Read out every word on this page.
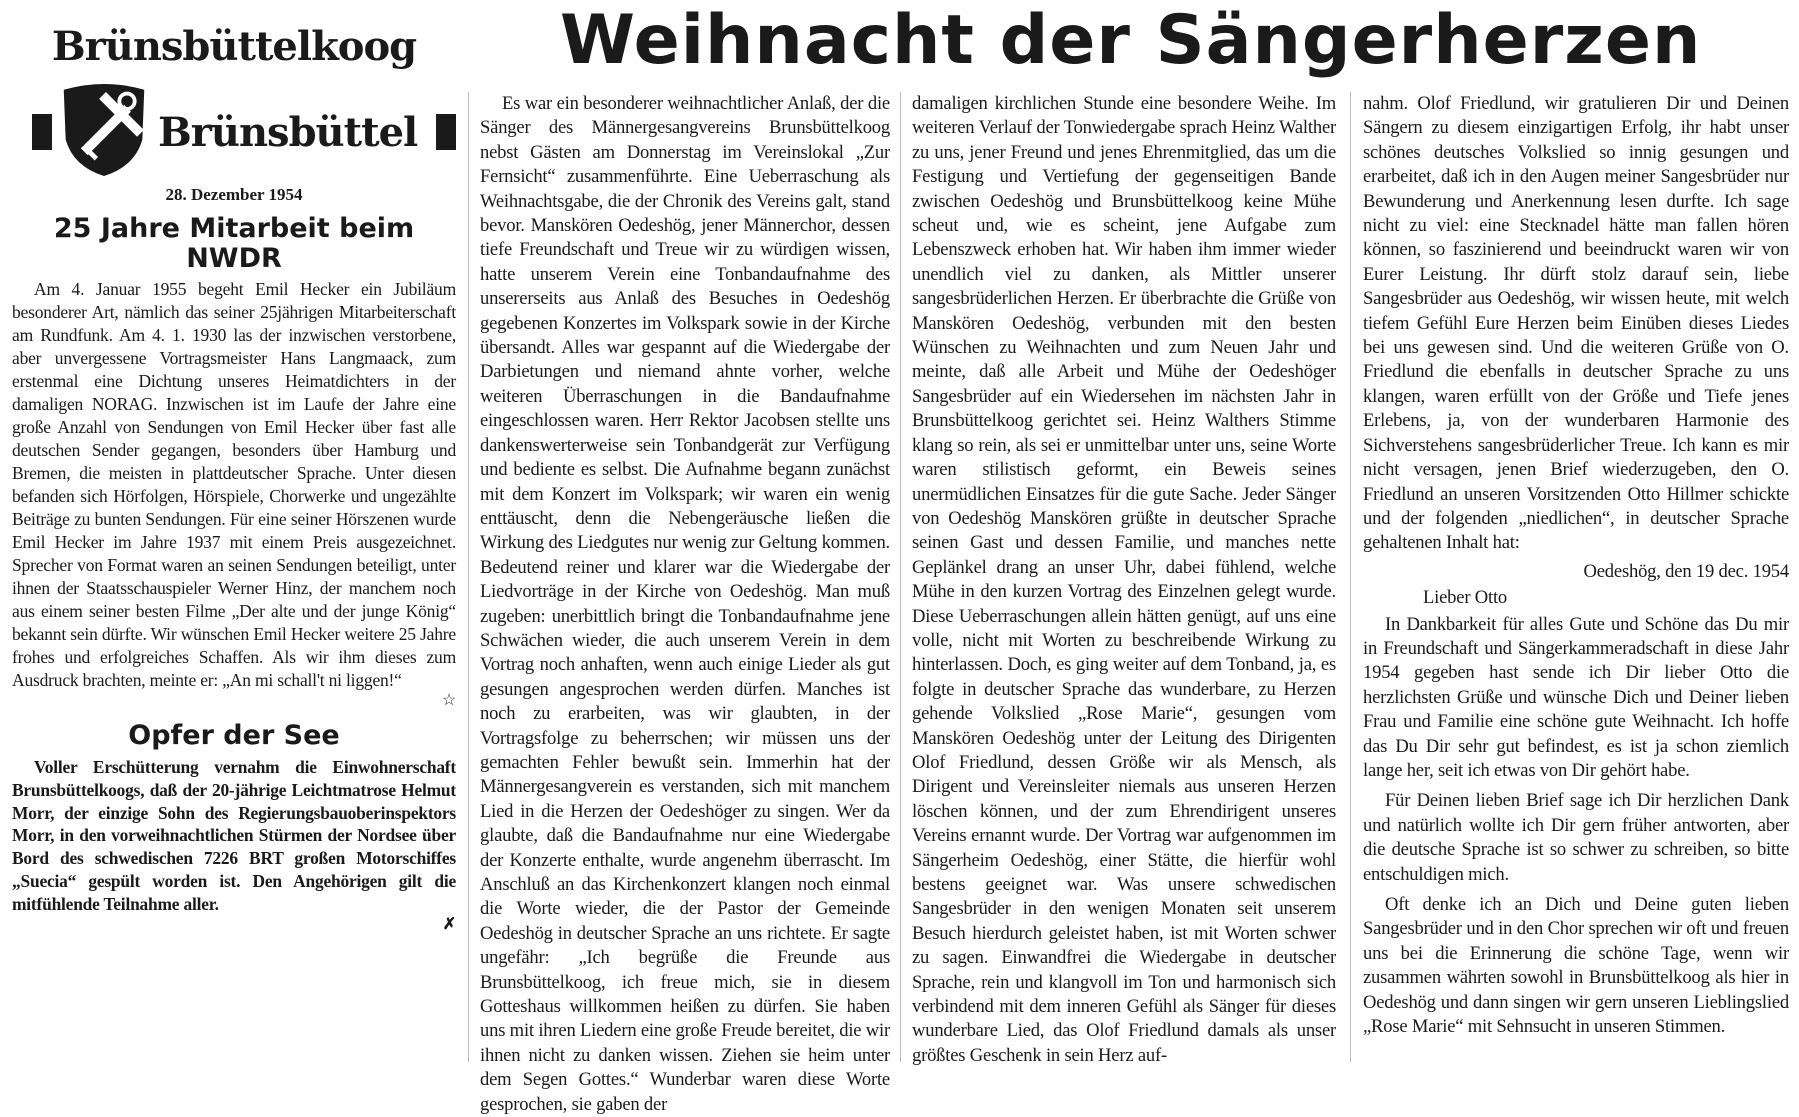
Brünsbüttelkoog
Brünsbüttel
28. Dezember 1954
25 Jahre Mitarbeit beim NWDR

Am 4. Januar 1955 begeht Emil Hecker ein Jubiläum besonderer Art, nämlich das seiner 25jährigen Mitarbeiterschaft am Rundfunk. Am 4. 1. 1930 las der inzwischen verstorbene, aber unvergessene Vortragsmeister Hans Langmaack, zum erstenmal eine Dichtung unseres Heimatdichters in der damaligen NORAG. Inzwischen ist im Laufe der Jahre eine große Anzahl von Sendungen von Emil Hecker über fast alle deutschen Sender gegangen, besonders über Hamburg und Bremen, die meisten in plattdeutscher Sprache. Unter diesen befanden sich Hörfolgen, Hörspiele, Chorwerke und ungezählte Beiträge zu bunten Sendungen. Für eine seiner Hörszenen wurde Emil Hecker im Jahre 1937 mit einem Preis ausgezeichnet. Sprecher von Format waren an seinen Sendungen beteiligt, unter ihnen der Staatsschauspieler Werner Hinz, der manchem noch aus einem seiner besten Filme „Der alte und der junge König“ bekannt sein dürfte. Wir wünschen Emil Hecker weitere 25 Jahre frohes und erfolgreiches Schaffen. Als wir ihm dieses zum Ausdruck brachten, meinte er: „An mi schall't ni liggen!“

☆
Opfer der See

Voller Erschütterung vernahm die Einwohnerschaft Brunsbüttelkoogs, daß der 20-jährige Leichtmatrose Helmut Morr, der einzige Sohn des Regierungsbauoberinspektors Morr, in den vorweihnachtlichen Stürmen der Nordsee über Bord des schwedischen 7226 BRT großen Motorschiffes „Suecia“ gespült worden ist. Den Angehörigen gilt die mitfühlende Teilnahme aller.

✗
Weihnacht der Sängerherzen

Es war ein besonderer weihnachtlicher Anlaß, der die Sänger des Männergesangvereins Brunsbüttelkoog nebst Gästen am Donnerstag im Vereinslokal „Zur Fernsicht“ zusammenführte. Eine Ueberraschung als Weihnachtsgabe, die der Chronik des Vereins galt, stand bevor. Manskören Oedeshög, jener Männerchor, dessen tiefe Freundschaft und Treue wir zu würdigen wissen, hatte unserem Verein eine Tonbandaufnahme des unsererseits aus Anlaß des Besuches in Oedeshög gegebenen Konzertes im Volkspark sowie in der Kirche übersandt. Alles war gespannt auf die Wiedergabe der Darbietungen und niemand ahnte vorher, welche weiteren Überraschungen in die Bandaufnahme eingeschlossen waren. Herr Rektor Jacobsen stellte uns dankenswerterweise sein Tonbandgerät zur Verfügung und bediente es selbst. Die Aufnahme begann zunächst mit dem Konzert im Volkspark; wir waren ein wenig enttäuscht, denn die Nebengeräusche ließen die Wirkung des Liedgutes nur wenig zur Geltung kommen. Bedeutend reiner und klarer war die Wiedergabe der Liedvorträge in der Kirche von Oedeshög. Man muß zugeben: unerbittlich bringt die Tonbandaufnahme jene Schwächen wieder, die auch unserem Verein in dem Vortrag noch anhaften, wenn auch einige Lieder als gut gesungen angesprochen werden dürfen. Manches ist noch zu erarbeiten, was wir glaubten, in der Vortragsfolge zu beherrschen; wir müssen uns der gemachten Fehler bewußt sein. Immerhin hat der Männergesangverein es verstanden, sich mit manchem Lied in die Herzen der Oedeshöger zu singen. Wer da glaubte, daß die Bandaufnahme nur eine Wiedergabe der Konzerte enthalte, wurde angenehm überrascht. Im Anschluß an das Kirchenkonzert klangen noch einmal die Worte wieder, die der Pastor der Gemeinde Oedeshög in deutscher Sprache an uns richtete. Er sagte ungefähr: „Ich begrüße die Freunde aus Brunsbüttelkoog, ich freue mich, sie in diesem Gotteshaus willkommen heißen zu dürfen. Sie haben uns mit ihren Liedern eine große Freude bereitet, die wir ihnen nicht zu danken wissen. Ziehen sie heim unter dem Segen Gottes.“ Wunderbar waren diese Worte gesprochen, sie gaben der

damaligen kirchlichen Stunde eine besondere Weihe. Im weiteren Verlauf der Tonwiedergabe sprach Heinz Walther zu uns, jener Freund und jenes Ehrenmitglied, das um die Festigung und Vertiefung der gegenseitigen Bande zwischen Oedeshög und Brunsbüttelkoog keine Mühe scheut und, wie es scheint, jene Aufgabe zum Lebenszweck erhoben hat. Wir haben ihm immer wieder unendlich viel zu danken, als Mittler unserer sangesbrüderlichen Herzen. Er überbrachte die Grüße von Manskören Oedeshög, verbunden mit den besten Wünschen zu Weihnachten und zum Neuen Jahr und meinte, daß alle Arbeit und Mühe der Oedeshöger Sangesbrüder auf ein Wiedersehen im nächsten Jahr in Brunsbüttelkoog gerichtet sei. Heinz Walthers Stimme klang so rein, als sei er unmittelbar unter uns, seine Worte waren stilistisch geformt, ein Beweis seines unermüdlichen Einsatzes für die gute Sache. Jeder Sänger von Oedeshög Manskören grüßte in deutscher Sprache seinen Gast und dessen Familie, und manches nette Geplänkel drang an unser Uhr, dabei fühlend, welche Mühe in den kurzen Vortrag des Einzelnen gelegt wurde. Diese Ueberraschungen allein hätten genügt, auf uns eine volle, nicht mit Worten zu beschreibende Wirkung zu hinterlassen. Doch, es ging weiter auf dem Tonband, ja, es folgte in deutscher Sprache das wunderbare, zu Herzen gehende Volkslied „Rose Marie“, gesungen vom Manskören Oedeshög unter der Leitung des Dirigenten Olof Friedlund, dessen Größe wir als Mensch, als Dirigent und Vereinsleiter niemals aus unseren Herzen löschen können, und der zum Ehrendirigent unseres Vereins ernannt wurde. Der Vortrag war aufgenommen im Sängerheim Oedeshög, einer Stätte, die hierfür wohl bestens geeignet war. Was unsere schwedischen Sangesbrüder in den wenigen Monaten seit unserem Besuch hierdurch geleistet haben, ist mit Worten schwer zu sagen. Einwandfrei die Wiedergabe in deutscher Sprache, rein und klangvoll im Ton und harmonisch sich verbindend mit dem inneren Gefühl als Sänger für dieses wunderbare Lied, das Olof Friedlund damals als unser größtes Geschenk in sein Herz auf-

nahm. Olof Friedlund, wir gratulieren Dir und Deinen Sängern zu diesem einzigartigen Erfolg, ihr habt unser schönes deutsches Volkslied so innig gesungen und erarbeitet, daß ich in den Augen meiner Sangesbrüder nur Bewunderung und Anerkennung lesen durfte. Ich sage nicht zu viel: eine Stecknadel hätte man fallen hören können, so faszinierend und beeindruckt waren wir von Eurer Leistung. Ihr dürft stolz darauf sein, liebe Sangesbrüder aus Oedeshög, wir wissen heute, mit welch tiefem Gefühl Eure Herzen beim Einüben dieses Liedes bei uns gewesen sind. Und die weiteren Grüße von O. Friedlund die ebenfalls in deutscher Sprache zu uns klangen, waren erfüllt von der Größe und Tiefe jenes Erlebens, ja, von der wunderbaren Harmonie des Sichverstehens sangesbrüderlicher Treue. Ich kann es mir nicht versagen, jenen Brief wiederzugeben, den O. Friedlund an unseren Vorsitzenden Otto Hillmer schickte und der folgenden „niedlichen“, in deutscher Sprache gehaltenen Inhalt hat:

Oedeshög, den 19 dec. 1954
Lieber Otto

In Dankbarkeit für alles Gute und Schöne das Du mir in Freundschaft und Sängerkammeradschaft in diese Jahr 1954 gegeben hast sende ich Dir lieber Otto die herzlichsten Grüße und wünsche Dich und Deiner lieben Frau und Familie eine schöne gute Weihnacht. Ich hoffe das Du Dir sehr gut befindest, es ist ja schon ziemlich lange her, seit ich etwas von Dir gehört habe.

Für Deinen lieben Brief sage ich Dir herzlichen Dank und natürlich wollte ich Dir gern früher antworten, aber die deutsche Sprache ist so schwer zu schreiben, so bitte entschuldigen mich.

Oft denke ich an Dich und Deine guten lieben Sangesbrüder und in den Chor sprechen wir oft und freuen uns bei die Erinnerung die schöne Tage, wenn wir zusammen währten sowohl in Brunsbüttelkoog als hier in Oedeshög und dann singen wir gern unseren Lieblingslied „Rose Marie“ mit Sehnsucht in unseren Stimmen.
